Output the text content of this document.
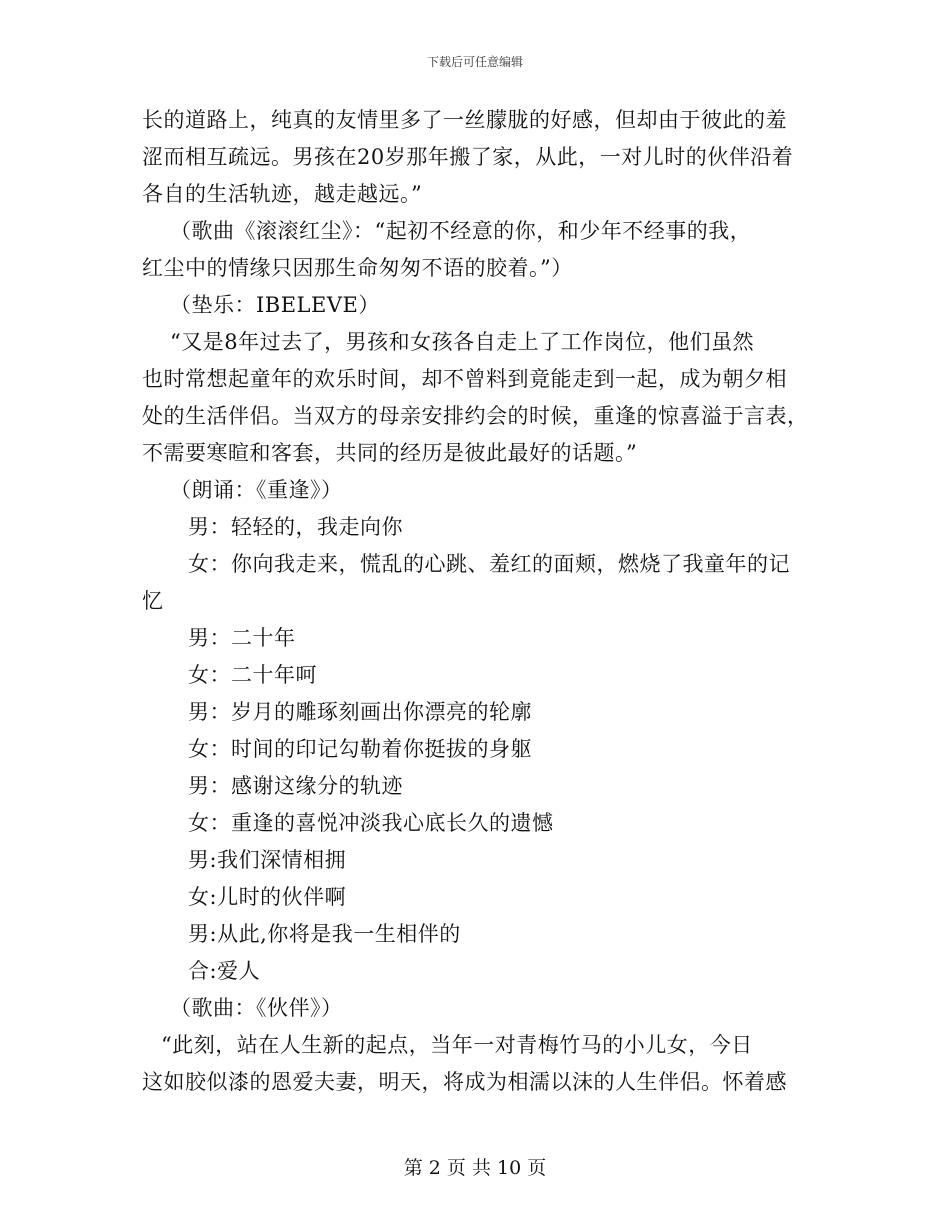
下载后可任意编辑
长的道路上，纯真的友情里多了一丝朦胧的好感，但却由于彼此的羞
涩而相互疏远。男孩在20岁那年搬了家，从此，一对儿时的伙伴沿着
各自的生活轨迹，越走越远。”
（歌曲《滚滚红尘》：“起初不经意的你，和少年不经事的我，
红尘中的情缘只因那生命匆匆不语的胶着。”）
（垫乐：IBELEVE）
“又是8年过去了，男孩和女孩各自走上了工作岗位，他们虽然
也时常想起童年的欢乐时间，却不曾料到竟能走到一起，成为朝夕相
处的生活伴侣。当双方的母亲安排约会的时候，重逢的惊喜溢于言表，
不需要寒暄和客套，共同的经历是彼此最好的话题。”
（朗诵：《重逢》）
男：轻轻的，我走向你
女：你向我走来，慌乱的心跳、羞红的面颊，燃烧了我童年的记
忆
男：二十年
女：二十年呵
男：岁月的雕琢刻画出你漂亮的轮廓
女：时间的印记勾勒着你挺拔的身躯
男：感谢这缘分的轨迹
女：重逢的喜悦冲淡我心底长久的遗憾
男:我们深情相拥
女:儿时的伙伴啊
男:从此,你将是我一生相伴的
合:爱人
（歌曲：《伙伴》）
“此刻，站在人生新的起点，当年一对青梅竹马的小儿女，今日
这如胶似漆的恩爱夫妻，明天，将成为相濡以沫的人生伴侣。怀着感
第 2 页 共 10 页
